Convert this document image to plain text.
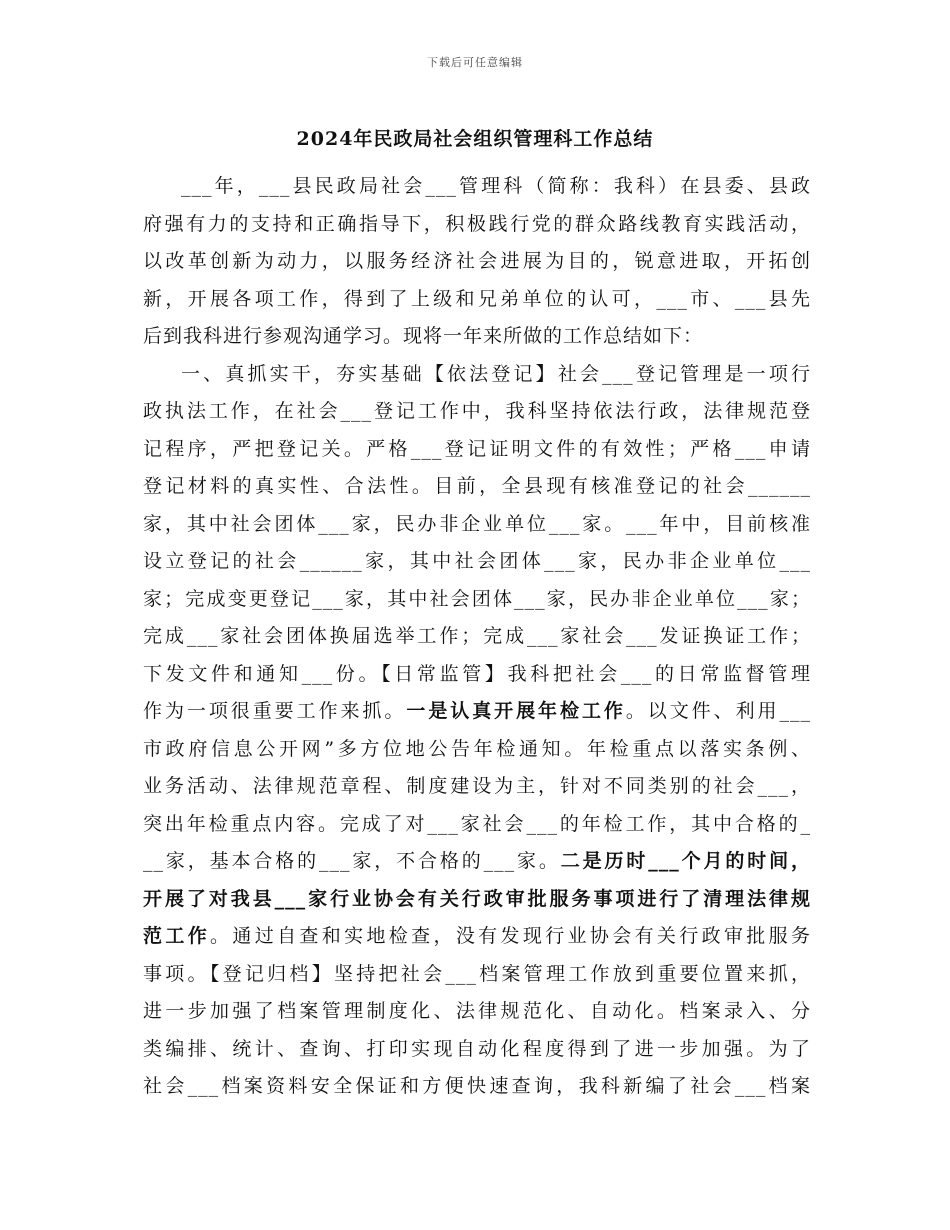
下载后可任意编辑
2024年民政局社会组织管理科工作总结
___年，___县民政局社会___管理科（简称：我科）在县委、县政
府强有力的支持和正确指导下，积极践行党的群众路线教育实践活动，
以改革创新为动力，以服务经济社会进展为目的，锐意进取，开拓创
新，开展各项工作，得到了上级和兄弟单位的认可，___市、___县先
后到我科进行参观沟通学习。现将一年来所做的工作总结如下：
一、真抓实干，夯实基础【依法登记】社会___登记管理是一项行
政执法工作，在社会___登记工作中，我科坚持依法行政，法律规范登
记程序，严把登记关。严格___登记证明文件的有效性；严格___申请
登记材料的真实性、合法性。目前，全县现有核准登记的社会______
家，其中社会团体___家，民办非企业单位___家。___年中，目前核准
设立登记的社会______家，其中社会团体___家，民办非企业单位___
家；完成变更登记___家，其中社会团体___家，民办非企业单位___家；
完成___家社会团体换届选举工作；完成___家社会___发证换证工作；
下发文件和通知___份。【日常监管】我科把社会___的日常监督管理
作为一项很重要工作来抓。一是认真开展年检工作。以文件、利用___
市政府信息公开网”多方位地公告年检通知。年检重点以落实条例、
业务活动、法律规范章程、制度建设为主，针对不同类别的社会___，
突出年检重点内容。完成了对___家社会___的年检工作，其中合格的_
__家，基本合格的___家，不合格的___家。二是历时___个月的时间，
开展了对我县___家行业协会有关行政审批服务事项进行了清理法律规
范工作。通过自查和实地检查，没有发现行业协会有关行政审批服务
事项。【登记归档】坚持把社会___档案管理工作放到重要位置来抓，
进一步加强了档案管理制度化、法律规范化、自动化。档案录入、分
类编排、统计、查询、打印实现自动化程度得到了进一步加强。为了
社会___档案资料安全保证和方便快速查询，我科新编了社会___档案
